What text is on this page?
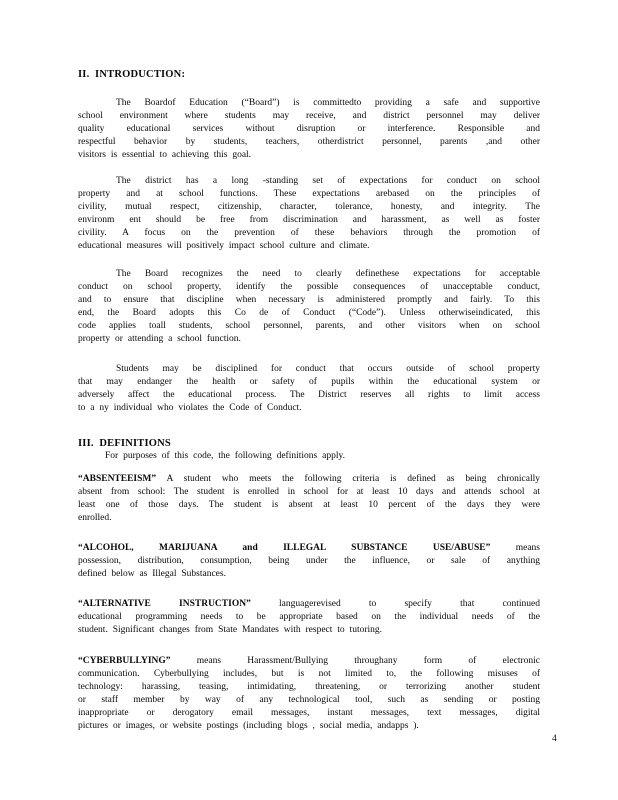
II.  INTRODUCTION:
The Boardof Education (“Board”) is committedto providing a safe and supportive
school environment where students may receive, and district personnel may deliver
quality educational services without disruption or interference. Responsible and
respectful behavior by students, teachers, otherdistrict personnel, parents ,and other
visitors is essential to achieving this goal.
The district has a long -standing set of expectations for conduct on school
property and at school functions. These expectations arebased on the principles of
civility, mutual respect, citizenship, character, tolerance, honesty, and integrity. The
environm ent should be free from discrimination and harassment, as well as foster
civility. A focus on the prevention of these behaviors through the promotion of
educational measures will positively impact school culture and climate.
The Board recognizes the need to clearly definethese expectations for acceptable
conduct on school property, identify the possible consequences of unacceptable conduct,
and to ensure that discipline when necessary is administered promptly and fairly. To this
end, the Board adopts this Co de of Conduct (“Code”). Unless otherwiseindicated, this
code applies toall students, school personnel, parents, and other visitors when on school
property or attending a school function.
Students may be disciplined for conduct that occurs outside of school property
that may endanger the health or safety of pupils within the educational system or
adversely affect the educational process. The District reserves all rights to limit access
to a ny individual who violates the Code of Conduct.
III.  DEFINITIONS
For purposes of this code, the following definitions apply.
“ABSENTEEISM” A student who meets the following criteria is defined as being chronically
absent from school: The student is enrolled in school for at least 10 days and attends school at
least one of those days. The student is absent at least 10 percent of the days they were
enrolled.
“ALCOHOL, MARIJUANA and ILLEGAL SUBSTANCE USE/ABUSE” means
possession, distribution, consumption, being under the influence, or sale of anything
defined below as Illegal Substances.
“ALTERNATIVE INSTRUCTION” languagerevised to specify that continued
educational programming needs to be appropriate based on the individual needs of the
student. Significant changes from State Mandates with respect to tutoring.
“CYBERBULLYING” means Harassment/Bullying throughany form of electronic
communication. Cyberbullying includes, but is not limited to, the following misuses of
technology: harassing, teasing, intimidating, threatening, or terrorizing another student
or staff member by way of any technological tool, such as sending or posting
inappropriate or derogatory email messages, instant messages, text messages, digital
pictures or images, or website postings (including blogs , social media, andapps ).
4
